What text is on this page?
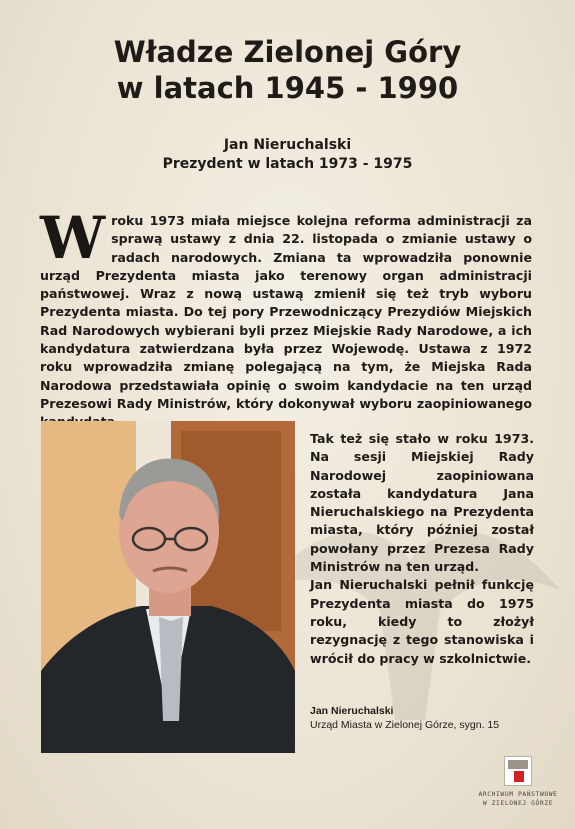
Władze Zielonej Góry
w latach 1945 - 1990
Jan Nieruchalski
Prezydent w latach 1973 - 1975
W roku 1973 miała miejsce kolejna reforma administracji za sprawą ustawy z dnia 22. listopada o zmianie ustawy o radach narodowych. Zmiana ta wprowadziła ponownie urząd Prezydenta miasta jako terenowy organ administracji państwowej. Wraz z nową ustawą zmienił się też tryb wyboru Prezydenta miasta. Do tej pory Przewodniczący Prezydiów Miejskich Rad Narodowych wybierani byli przez Miejskie Rady Narodowe, a ich kandydatura zatwierdzana była przez Wojewodę. Ustawa z 1972 roku wprowadziła zmianę polegającą na tym, że Miejska Rada Narodowa przedstawiała opinię o swoim kandydacie na ten urząd Prezesowi Rady Ministrów, który dokonywał wyboru zaopiniowanego

Tak też się stało w roku 1973. Na sesji Miejskiej Rady Narodowej zaopiniowana została kandydatura Jana Nieruchalskiego na Prezydenta miasta, który później został powołany przez Prezesa Rady Ministrów na ten urząd.

Jan Nieruchalski pełnił funkcję Prezydenta miasta do 1975 roku, kiedy to złożył rezygnację z tego stanowiska i wrócił do pracy w szkolnictwie.

Jan Nieruchalski
Urząd Miasta w Zielonej Górze, sygn. 15
ARCHIWUM PAŃSTWOWE
W ZIELONEJ GÓRZE
